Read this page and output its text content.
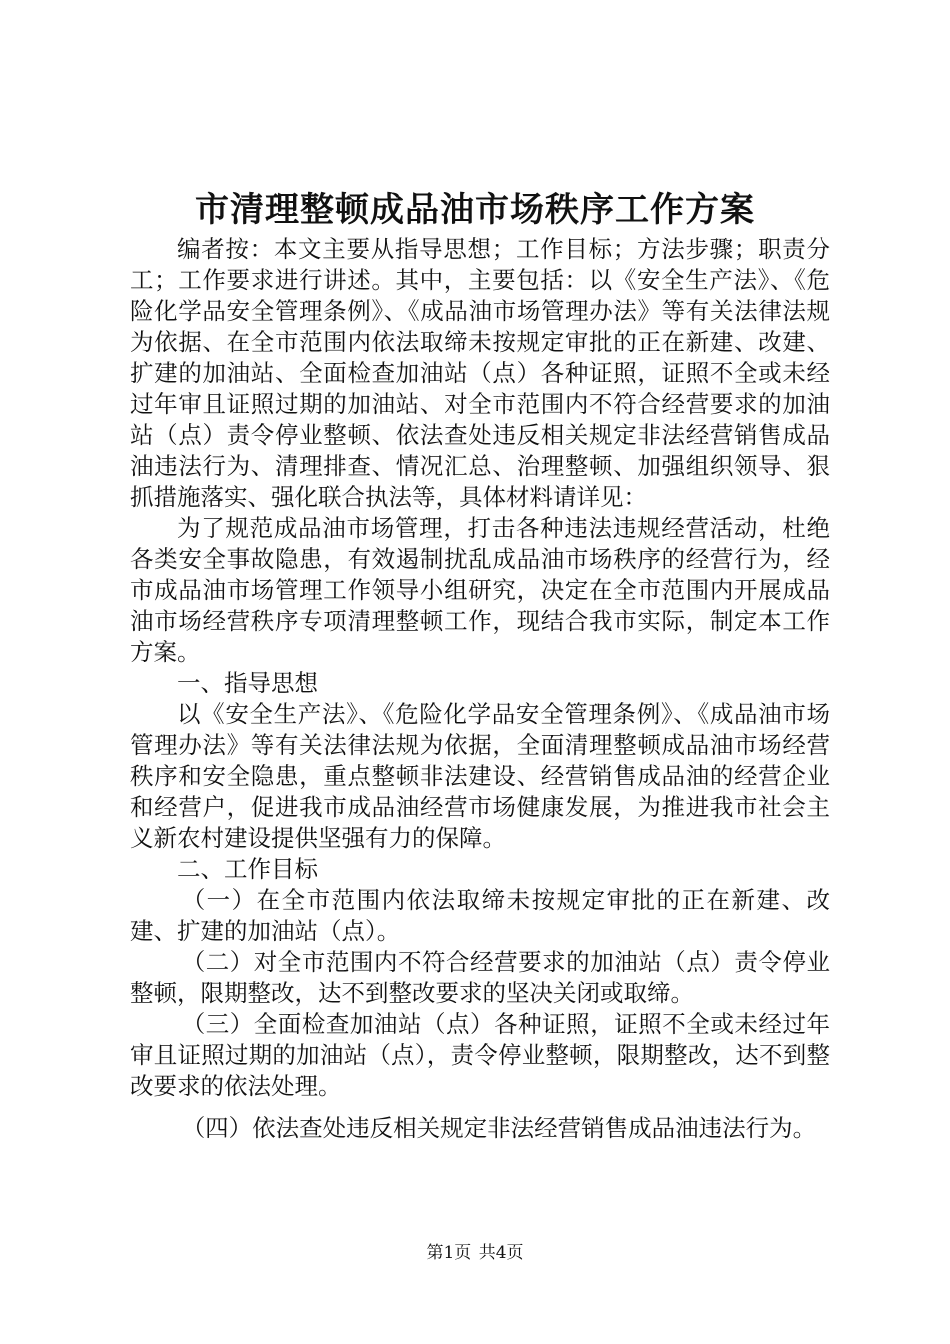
市清理整顿成品油市场秩序工作方案

编者按：本文主要从指导思想；工作目标；方法步骤；职责分工；工作要求进行讲述。其中，主要包括：以《安全生产法》、《危险化学品安全管理条例》、《成品油市场管理办法》等有关法律法规为依据、在全市范围内依法取缔未按规定审批的正在新建、改建、扩建的加油站、全面检查加油站（点）各种证照，证照不全或未经过年审且证照过期的加油站、对全市范围内不符合经营要求的加油站（点）责令停业整顿、依法查处违反相关规定非法经营销售成品油违法行为、清理排查、情况汇总、治理整顿、加强组织领导、狠抓措施落实、强化联合执法等，具体材料请详见：

为了规范成品油市场管理，打击各种违法违规经营活动，杜绝各类安全事故隐患，有效遏制扰乱成品油市场秩序的经营行为，经市成品油市场管理工作领导小组研究，决定在全市范围内开展成品油市场经营秩序专项清理整顿工作，现结合我市实际，制定本工作方案。

一、指导思想

以《安全生产法》、《危险化学品安全管理条例》、《成品油市场管理办法》等有关法律法规为依据，全面清理整顿成品油市场经营秩序和安全隐患，重点整顿非法建设、经营销售成品油的经营企业和经营户，促进我市成品油经营市场健康发展，为推进我市社会主义新农村建设提供坚强有力的保障。

二、工作目标

（一）在全市范围内依法取缔未按规定审批的正在新建、改建、扩建的加油站（点）。

（二）对全市范围内不符合经营要求的加油站（点）责令停业整顿，限期整改，达不到整改要求的坚决关闭或取缔。

（三）全面检查加油站（点）各种证照，证照不全或未经过年审且证照过期的加油站（点），责令停业整顿，限期整改，达不到整改要求的依法处理。

（四）依法查处违反相关规定非法经营销售成品油违法行为。

第1页 共4页
